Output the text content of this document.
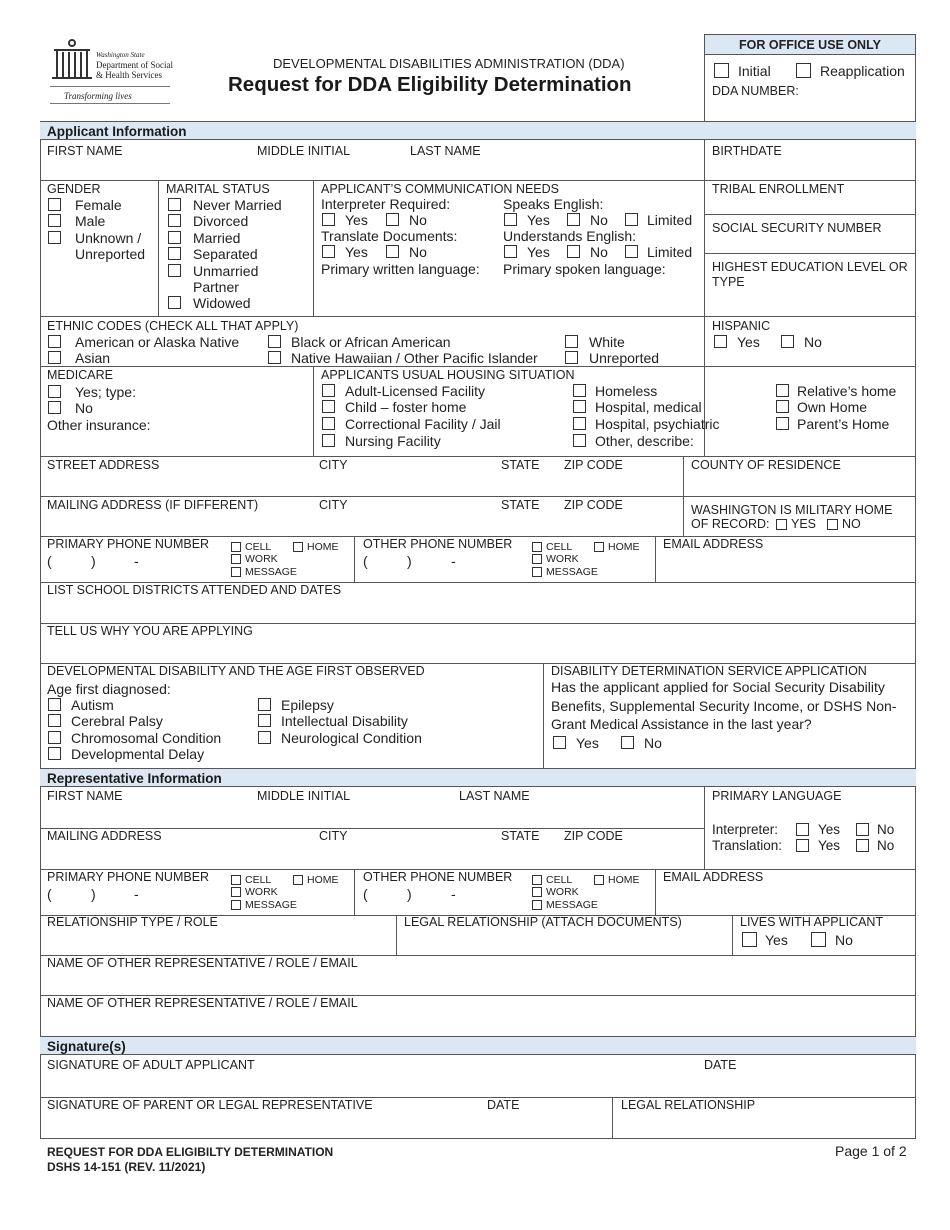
Washington State
Department of Social
& Health Services
Transforming lives
DEVELOPMENTAL DISABILITIES ADMINISTRATION (DDA)
Request for DDA Eligibility Determination
FOR OFFICE USE ONLY
Initial	Reapplication
DDA NUMBER:
Applicant Information
FIRST NAME	MIDDLE INITIAL	LAST NAME	BIRTHDATE
GENDER
Female
Male
Unknown /
Unreported
MARITAL STATUS
Never Married
Divorced
Married
Separated
Unmarried
Partner
Widowed
APPLICANT’S COMMUNICATION NEEDS
Interpreter Required:	Speaks English:
Yes	No	Yes	No	Limited
Translate Documents:	Understands English:
Yes	No	Yes	No	Limited
Primary written language: Primary spoken language:
TRIBAL ENROLLMENT
SOCIAL SECURITY NUMBER
HIGHEST EDUCATION LEVEL OR
TYPE
ETHNIC CODES (CHECK ALL THAT APPLY)
American or Alaska Native	Black or African American	White
Asian	Native Hawaiian / Other Pacific Islander	Unreported
HISPANIC
Yes	No
MEDICARE
Yes; type:
No
Other insurance:
APPLICANTS USUAL HOUSING SITUATION
Adult-Licensed Facility
Child – foster home
Correctional Facility / Jail
Nursing Facility
Homeless
Hospital, medical
Hospital, psychiatric
Other, describe:
Relative’s home
Own Home
Parent’s Home
STREET ADDRESS	CITY	STATE ZIP CODE	COUNTY OF RESIDENCE
MAILING ADDRESS (IF DIFFERENT)	CITY	STATE ZIP CODE	WASHINGTON IS MILITARY HOME
OF RECORD: YES NO
PRIMARY PHONE NUMBER
(	)	-
CELL	HOME
WORK
MESSAGE
OTHER PHONE NUMBER
(	)	-
CELL	HOME
WORK
MESSAGE
EMAIL ADDRESS
LIST SCHOOL DISTRICTS ATTENDED AND DATES
TELL US WHY YOU ARE APPLYING
DEVELOPMENTAL DISABILITY AND THE AGE FIRST OBSERVED
Age first diagnosed:
Autism
Cerebral Palsy
Chromosomal Condition
Developmental Delay
Epilepsy
Intellectual Disability
Neurological Condition
DISABILITY DETERMINATION SERVICE APPLICATION
Has the applicant applied for Social Security Disability
Benefits, Supplemental Security Income, or DSHS Non-
Grant Medical Assistance in the last year?
Yes	No
Representative Information
FIRST NAME	MIDDLE INITIAL	LAST NAME	PRIMARY LANGUAGE
MAILING ADDRESS	CITY	STATE ZIP CODE	Interpreter:	Yes	No
Translation:	Yes	No
PRIMARY PHONE NUMBER
(	)	-
CELL	HOME
WORK
MESSAGE
OTHER PHONE NUMBER
(	)	-
CELL	HOME
WORK
MESSAGE
EMAIL ADDRESS
RELATIONSHIP TYPE / ROLE	LEGAL RELATIONSHIP (ATTACH DOCUMENTS)	LIVES WITH APPLICANT
Yes	No
NAME OF OTHER REPRESENTATIVE / ROLE / EMAIL
NAME OF OTHER REPRESENTATIVE / ROLE / EMAIL
Signature(s)
SIGNATURE OF ADULT APPLICANT	DATE
SIGNATURE OF PARENT OR LEGAL REPRESENTATIVE	DATE	LEGAL RELATIONSHIP
REQUEST FOR DDA ELIGIBILTY DETERMINATION
DSHS 14-151 (REV. 11/2021)
Page 1 of 2
